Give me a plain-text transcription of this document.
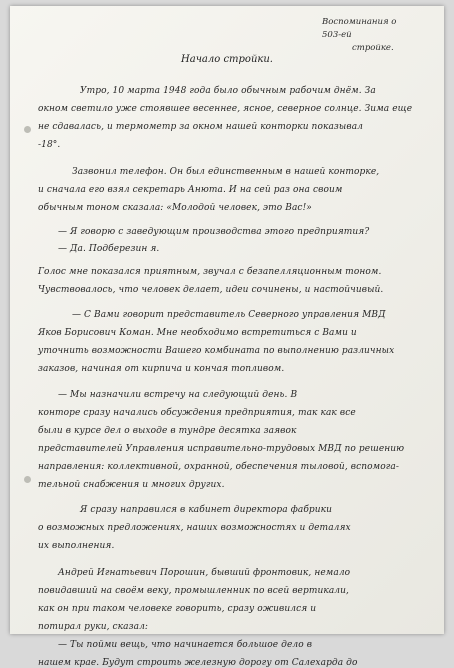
Воспоминания о 503-ей
стройке.
Начало стройки.
Утро, 10 марта 1948 года было обычным рабочим днём. За
окном светило уже стоявшее весеннее, ясное, северное солнце. Зима еще
не сдавалась, и термометр за окном нашей конторки показывал
-18°.
Зазвонил телефон. Он был единственным в нашей конторке,
и сначала его взял секретарь Анюта. И на сей раз она своим
обычным тоном сказала: «Молодой человек, это Вас!»
— Я говорю с заведующим производства этого предприятия?
— Да. Подберезин я.
Голос мне показался приятным, звучал с безапелляционным тоном.
Чувствовалось, что человек делает, идеи сочинены, и настойчивый.
— С Вами говорит представитель Северного управления МВД
Яков Борисович Коман. Мне необходимо встретиться с Вами и
уточнить возможности Вашего комбината по выполнению различных
заказов, начиная от кирпича и кончая топливом.
— Мы назначили встречу на следующий день. В
конторе сразу начались обсуждения предприятия, так как все
были в курсе дел о выходе в тундре десятка заявок
представителей Управления исправительно-трудовых МВД по решению
направления: коллективной, охранной, обеспечения тыловой, вспомога-
тельной снабжения и многих других.
Я сразу направился в кабинет директора фабрики
о возможных предложениях, наших возможностях и деталях
их выполнения.
Андрей Игнатьевич Порошин, бывший фронтовик, немало
повидавший на своём веку, промышленник по всей вертикали,
как он при таком человеке говорить, сразу оживился и
потирал руки, сказал:
— Ты пойми вещь, что начинается большое дело в
нашем крае. Будут строить железную дорогу от Салехарда до
